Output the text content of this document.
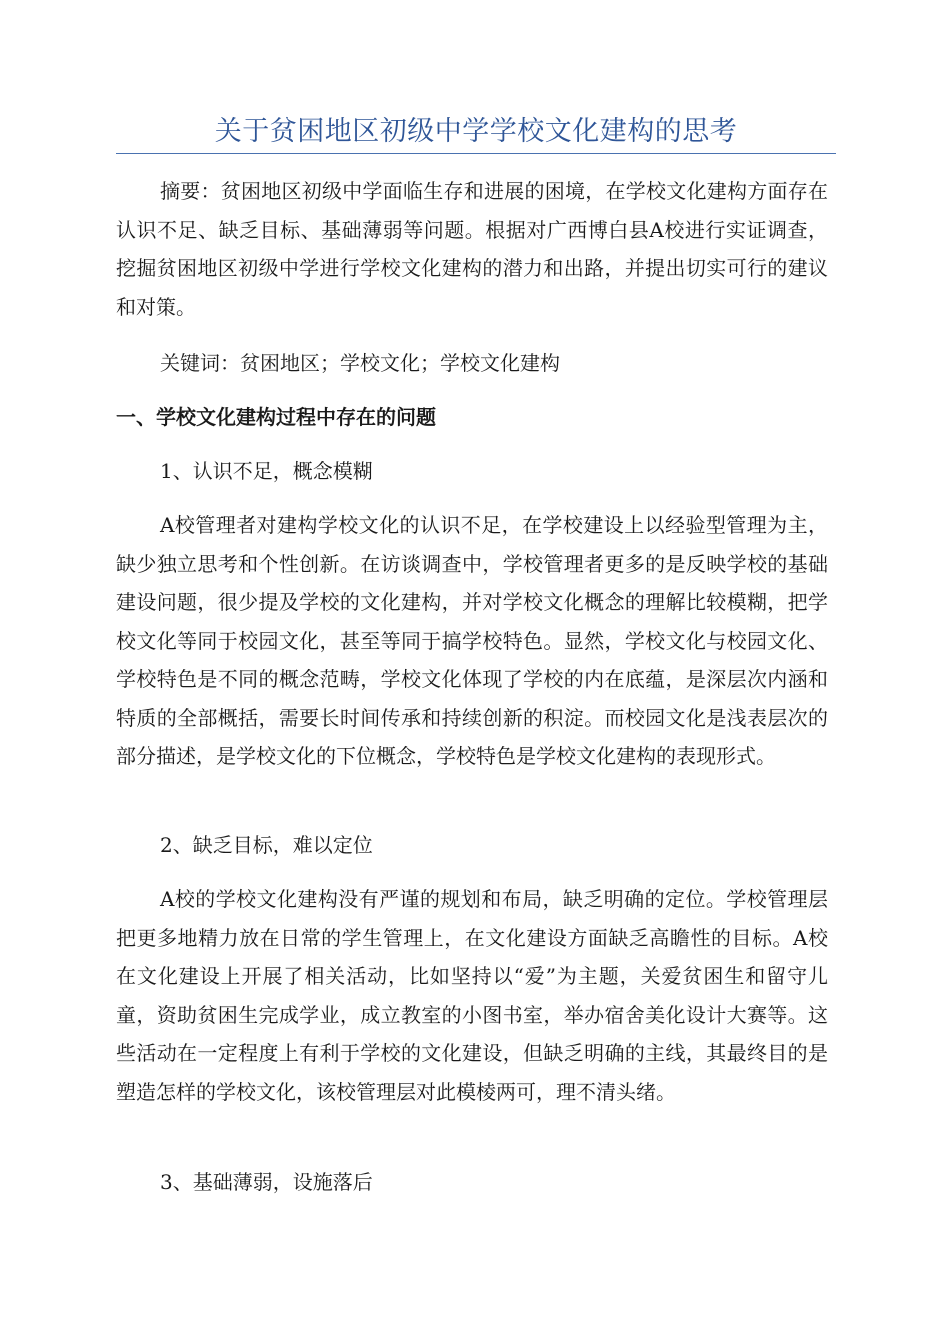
关于贫困地区初级中学学校文化建构的思考

摘要：贫困地区初级中学面临生存和进展的困境，在学校文化建构方面存在认识不足、缺乏目标、基础薄弱等问题。根据对广西博白县A校进行实证调查，挖掘贫困地区初级中学进行学校文化建构的潜力和出路，并提出切实可行的建议和对策。

关键词：贫困地区；学校文化；学校文化建构

一、学校文化建构过程中存在的问题

1、认识不足，概念模糊

A校管理者对建构学校文化的认识不足，在学校建设上以经验型管理为主，缺少独立思考和个性创新。在访谈调查中，学校管理者更多的是反映学校的基础建设问题，很少提及学校的文化建构，并对学校文化概念的理解比较模糊，把学校文化等同于校园文化，甚至等同于搞学校特色。显然，学校文化与校园文化、学校特色是不同的概念范畴，学校文化体现了学校的内在底蕴，是深层次内涵和特质的全部概括，需要长时间传承和持续创新的积淀。而校园文化是浅表层次的部分描述，是学校文化的下位概念，学校特色是学校文化建构的表现形式。

2、缺乏目标，难以定位

A校的学校文化建构没有严谨的规划和布局，缺乏明确的定位。学校管理层把更多地精力放在日常的学生管理上，在文化建设方面缺乏高瞻性的目标。A校在文化建设上开展了相关活动，比如坚持以“爱”为主题，关爱贫困生和留守儿童，资助贫困生完成学业，成立教室的小图书室，举办宿舍美化设计大赛等。这些活动在一定程度上有利于学校的文化建设，但缺乏明确的主线，其最终目的是塑造怎样的学校文化，该校管理层对此模棱两可，理不清头绪。

3、基础薄弱，设施落后
